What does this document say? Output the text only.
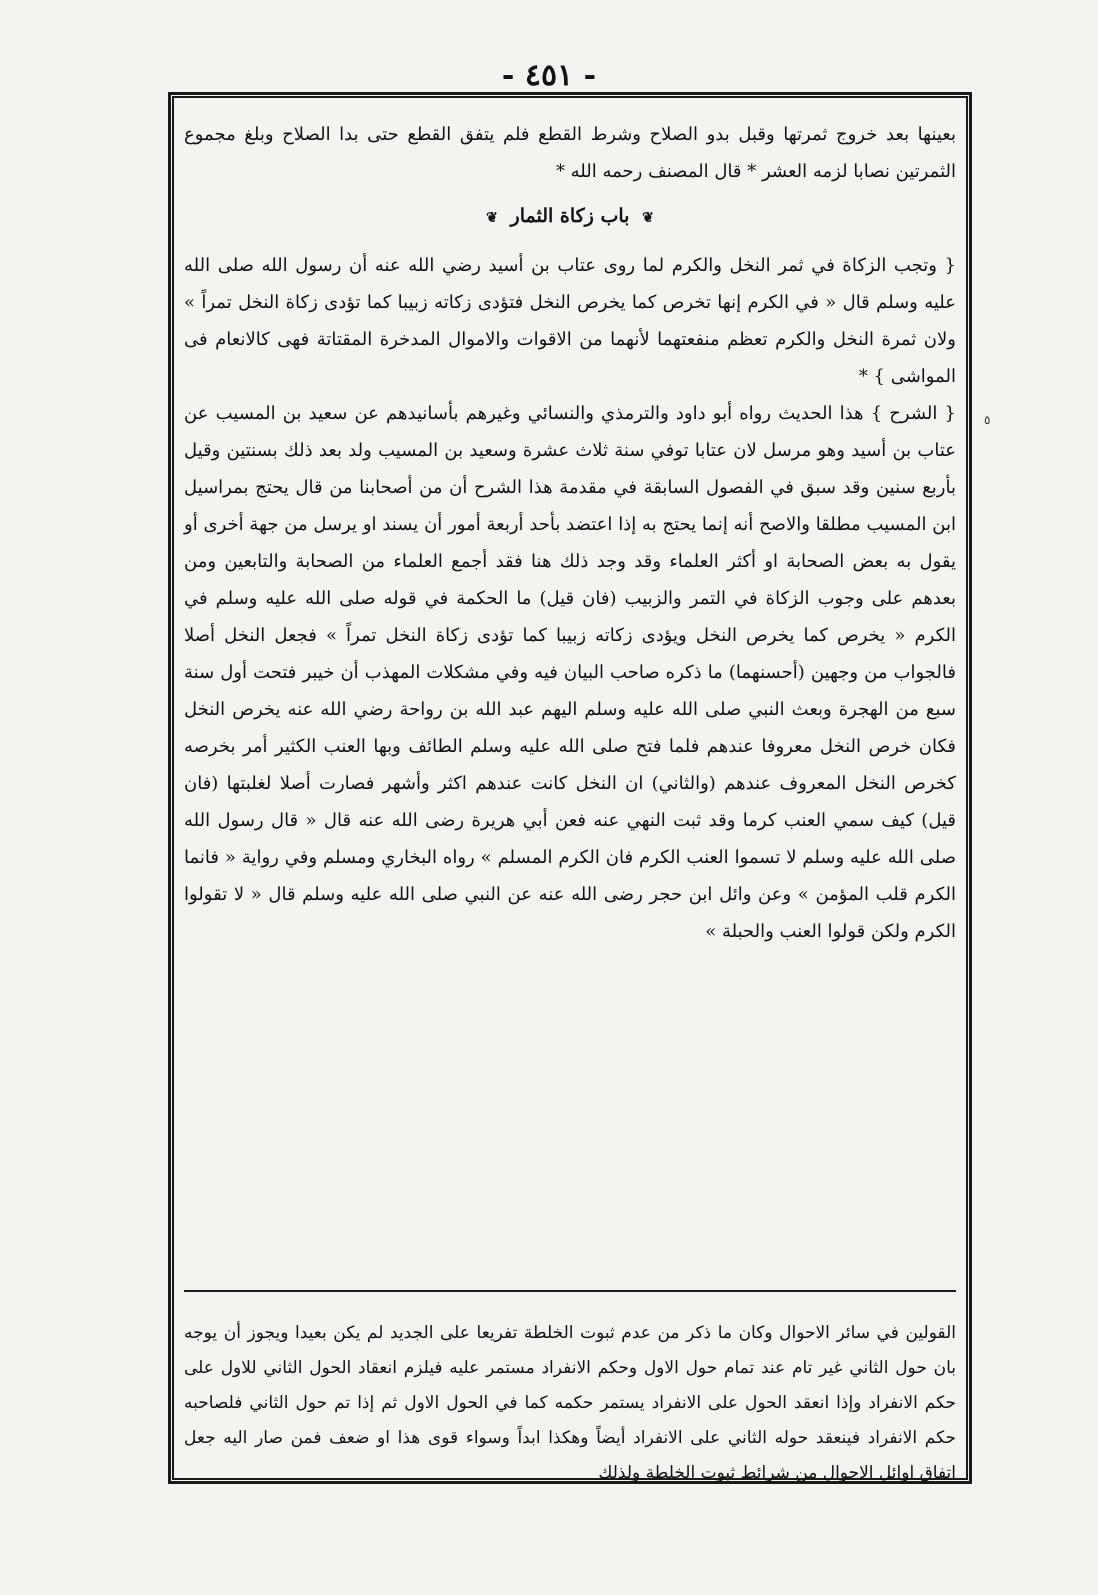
- ٤٥١ -
٥

بعينها بعد خروج ثمرتها وقبل بدو الصلاح وشرط القطع فلم يتفق القطع حتى بدا الصلاح وبلغ مجموع الثمرتين نصابا لزمه العشر * قال المصنف رحمه الله *

❦ باب زكاة الثمار ❦

{ وتجب الزكاة في ثمر النخل والكرم لما روى عتاب بن أسيد رضي الله عنه أن رسول الله صلى الله عليه وسلم قال « في الكرم إنها تخرص كما يخرص النخل فتؤدى زكاته زبيبا كما تؤدى زكاة النخل تمراً » ولان ثمرة النخل والكرم تعظم منفعتهما لأنهما من الاقوات والاموال المدخرة المقتاتة فهى كالانعام فى المواشى } *

{ الشرح } هذا الحديث رواه أبو داود والترمذي والنسائي وغيرهم بأسانيدهم عن سعيد بن المسيب عن عتاب بن أسيد وهو مرسل لان عتابا توفي سنة ثلاث عشرة وسعيد بن المسيب ولد بعد ذلك بسنتين وقيل بأربع سنين وقد سبق في الفصول السابقة في مقدمة هذا الشرح أن من أصحابنا من قال يحتج بمراسيل ابن المسيب مطلقا والاصح أنه إنما يحتج به إذا اعتضد بأحد أربعة أمور أن يسند او يرسل من جهة أخرى أو يقول به بعض الصحابة او أكثر العلماء وقد وجد ذلك هنا فقد أجمع العلماء من الصحابة والتابعين ومن بعدهم على وجوب الزكاة في التمر والزبيب (فان قيل) ما الحكمة في قوله صلى الله عليه وسلم في الكرم « يخرص كما يخرص النخل ويؤدى زكاته زبيبا كما تؤدى زكاة النخل تمراً » فجعل النخل أصلا فالجواب من وجهين (أحسنهما) ما ذكره صاحب البيان فيه وفي مشكلات المهذب أن خيبر فتحت أول سنة سبع من الهجرة وبعث النبي صلى الله عليه وسلم اليهم عبد الله بن رواحة رضي الله عنه يخرص النخل فكان خرص النخل معروفا عندهم فلما فتح صلى الله عليه وسلم الطائف وبها العنب الكثير أمر بخرصه كخرص النخل المعروف عندهم (والثاني) ان النخل كانت عندهم اكثر وأشهر فصارت أصلا لغلبتها (فان قيل) كيف سمي العنب كرما وقد ثبت النهي عنه فعن أبي هريرة رضى الله عنه قال « قال رسول الله صلى الله عليه وسلم لا تسموا العنب الكرم فان الكرم المسلم » رواه البخاري ومسلم وفي رواية « فانما الكرم قلب المؤمن » وعن وائل ابن حجر رضى الله عنه عن النبي صلى الله عليه وسلم قال « لا تقولوا الكرم ولكن قولوا العنب والحبلة »

القولين في سائر الاحوال وكان ما ذكر من عدم ثبوت الخلطة تفريعا على الجديد لم يكن بعيدا ويجوز أن يوجه بان حول الثاني غير تام عند تمام حول الاول وحكم الانفراد مستمر عليه فيلزم انعقاد الحول الثاني للاول على حكم الانفراد وإذا انعقد الحول على الانفراد يستمر حكمه كما في الحول الاول ثم إذا تم حول الثاني فلصاحبه حكم الانفراد فينعقد حوله الثاني على الانفراد أيضاً وهكذا ابداً وسواء قوى هذا او ضعف فمن صار اليه جعل اتفاق اوائل الاحوال من شرائط ثبوت الخلطة ولذلك
